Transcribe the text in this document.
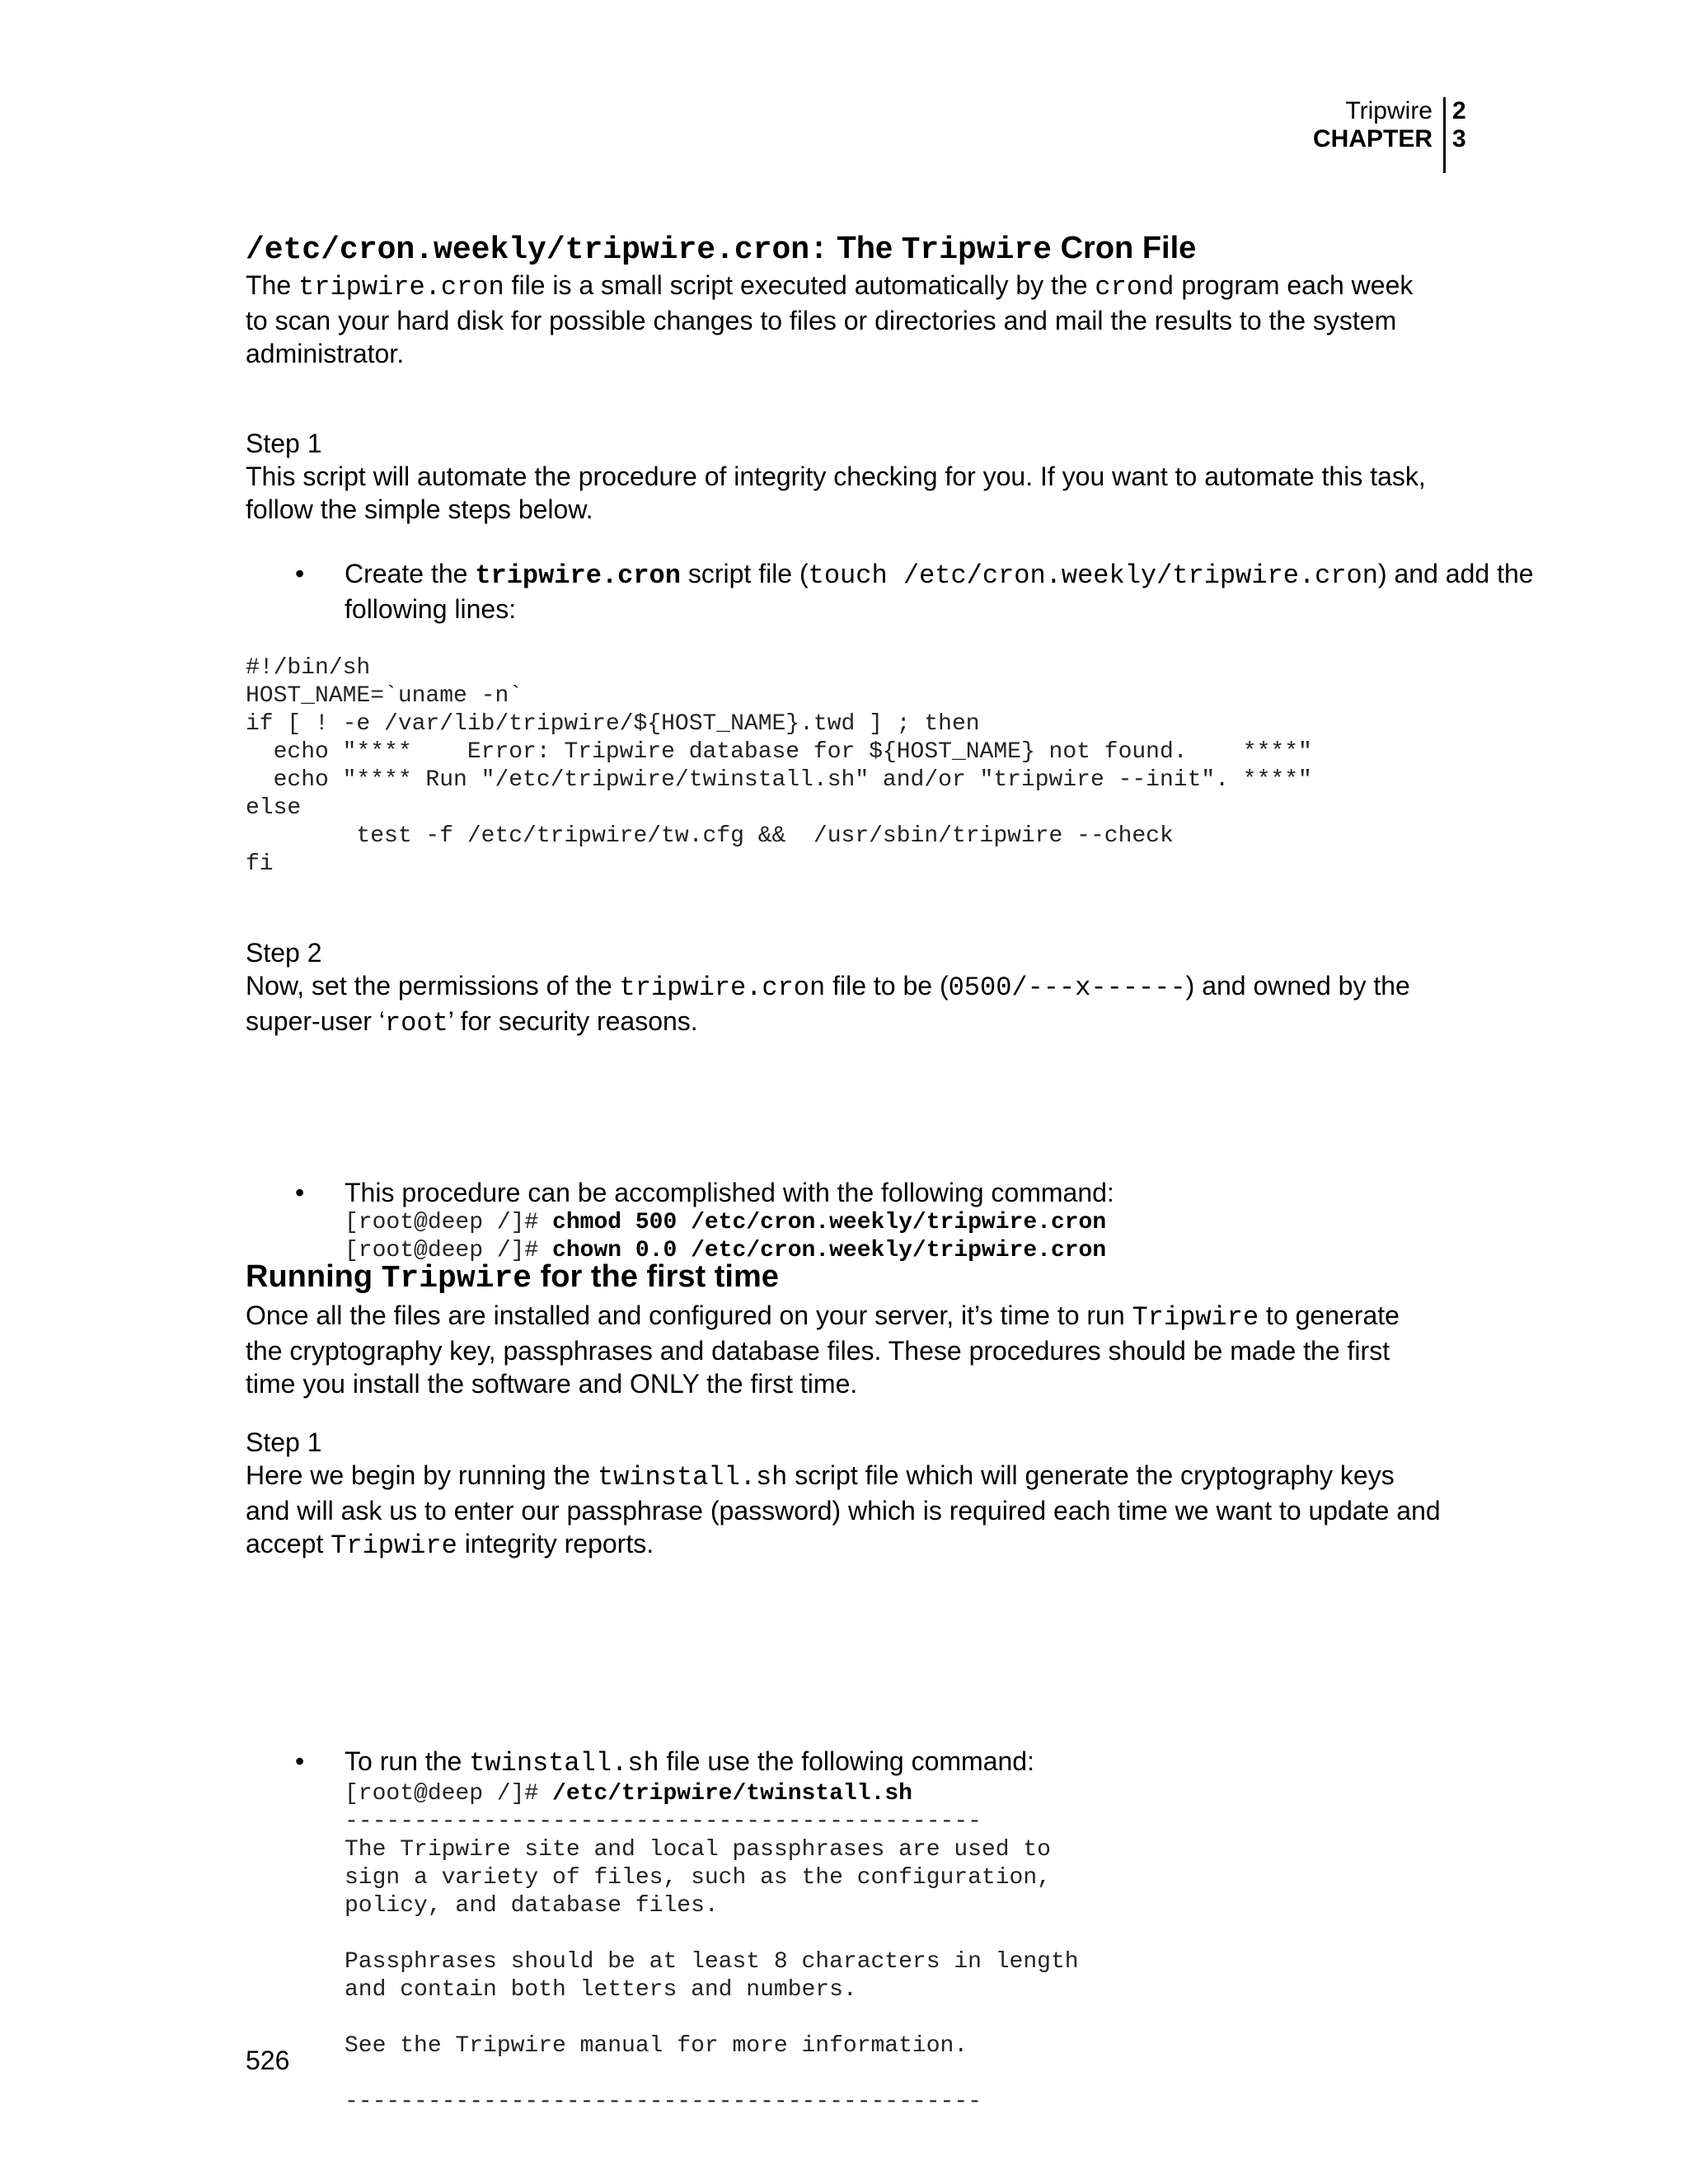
Tripwire
CHAPTER
2
3
/etc/cron.weekly/tripwire.cron: The Tripwire Cron File
The tripwire.cron file is a small script executed automatically by the crond program each week to scan your hard disk for possible changes to files or directories and mail the results to the system administrator.
Step 1
This script will automate the procedure of integrity checking for you. If you want to automate this task, follow the simple steps below.
• Create the tripwire.cron script file (touch /etc/cron.weekly/tripwire.cron) and add the following lines:
#!/bin/sh
HOST_NAME=`uname -n`
if [ ! -e /var/lib/tripwire/${HOST_NAME}.twd ] ; then
echo "****    Error: Tripwire database for ${HOST_NAME} not found.    ****"
echo "**** Run "/etc/tripwire/twinstall.sh" and/or "tripwire --init". ****"
else
test -f /etc/tripwire/tw.cfg &&  /usr/sbin/tripwire --check
fi
Step 2
Now, set the permissions of the tripwire.cron file to be (0500/---x------) and owned by the super-user ‘root’ for security reasons.
• This procedure can be accomplished with the following command:
[root@deep /]# chmod 500 /etc/cron.weekly/tripwire.cron
[root@deep /]# chown 0.0 /etc/cron.weekly/tripwire.cron
Running Tripwire for the first time
Once all the files are installed and configured on your server, it’s time to run Tripwire to generate the cryptography key, passphrases and database files. These procedures should be made the first time you install the software and ONLY the first time.
Step 1
Here we begin by running the twinstall.sh script file which will generate the cryptography keys and will ask us to enter our passphrase (password) which is required each time we want to update and accept Tripwire integrity reports.
• To run the twinstall.sh file use the following command:
[root@deep /]# /etc/tripwire/twinstall.sh
----------------------------------------------
The Tripwire site and local passphrases are used to
sign a variety of files, such as the configuration,
policy, and database files.

Passphrases should be at least 8 characters in length
and contain both letters and numbers.

See the Tripwire manual for more information.

----------------------------------------------
526
